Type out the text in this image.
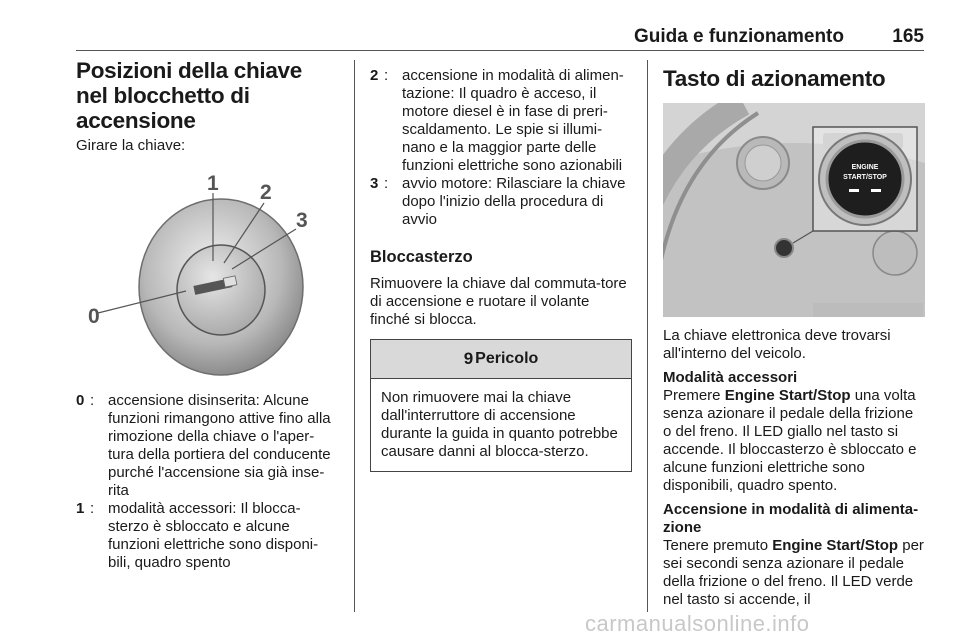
Guida e funzionamento	165
Posizioni della chiave nel blocchetto di accensione

Girare la chiave:

0
1 2
3
0 : accensione disinserita: Alcune funzioni rimangono attive fino alla rimozione della chiave o l'aper-tura della portiera del conducente purché l'accensione sia già inse-rita
1 : modalità accessori: Il blocca-sterzo è sbloccato e alcune funzioni elettriche sono disponi-bili, quadro spento
2 : accensione in modalità di alimen-tazione: Il quadro è acceso, il motore diesel è in fase di preri-scaldamento. Le spie si illumi-nano e la maggior parte delle funzioni elettriche sono azionabili
3 : avvio motore: Rilasciare la chiave dopo l'inizio della procedura di avvio
Bloccasterzo

Rimuovere la chiave dal commuta-tore di accensione e ruotare il volante finché si blocca.

9 Pericolo
Non rimuovere mai la chiave dall'interruttore di accensione durante la guida in quanto potrebbe causare danni al blocca-sterzo.
Tasto di azionamento
ENGINE
START/STOP

La chiave elettronica deve trovarsi all'interno del veicolo.

Modalità accessori

Premere Engine Start/Stop una volta senza azionare il pedale della frizione o del freno. Il LED giallo nel tasto si accende. Il bloccasterzo è sbloccato e alcune funzioni elettriche sono disponibili, quadro spento.

Accensione in modalità di alimenta-zione

Tenere premuto Engine Start/Stop per sei secondi senza azionare il pedale della frizione o del freno. Il LED verde nel tasto si accende, il

carmanualsonline.info
